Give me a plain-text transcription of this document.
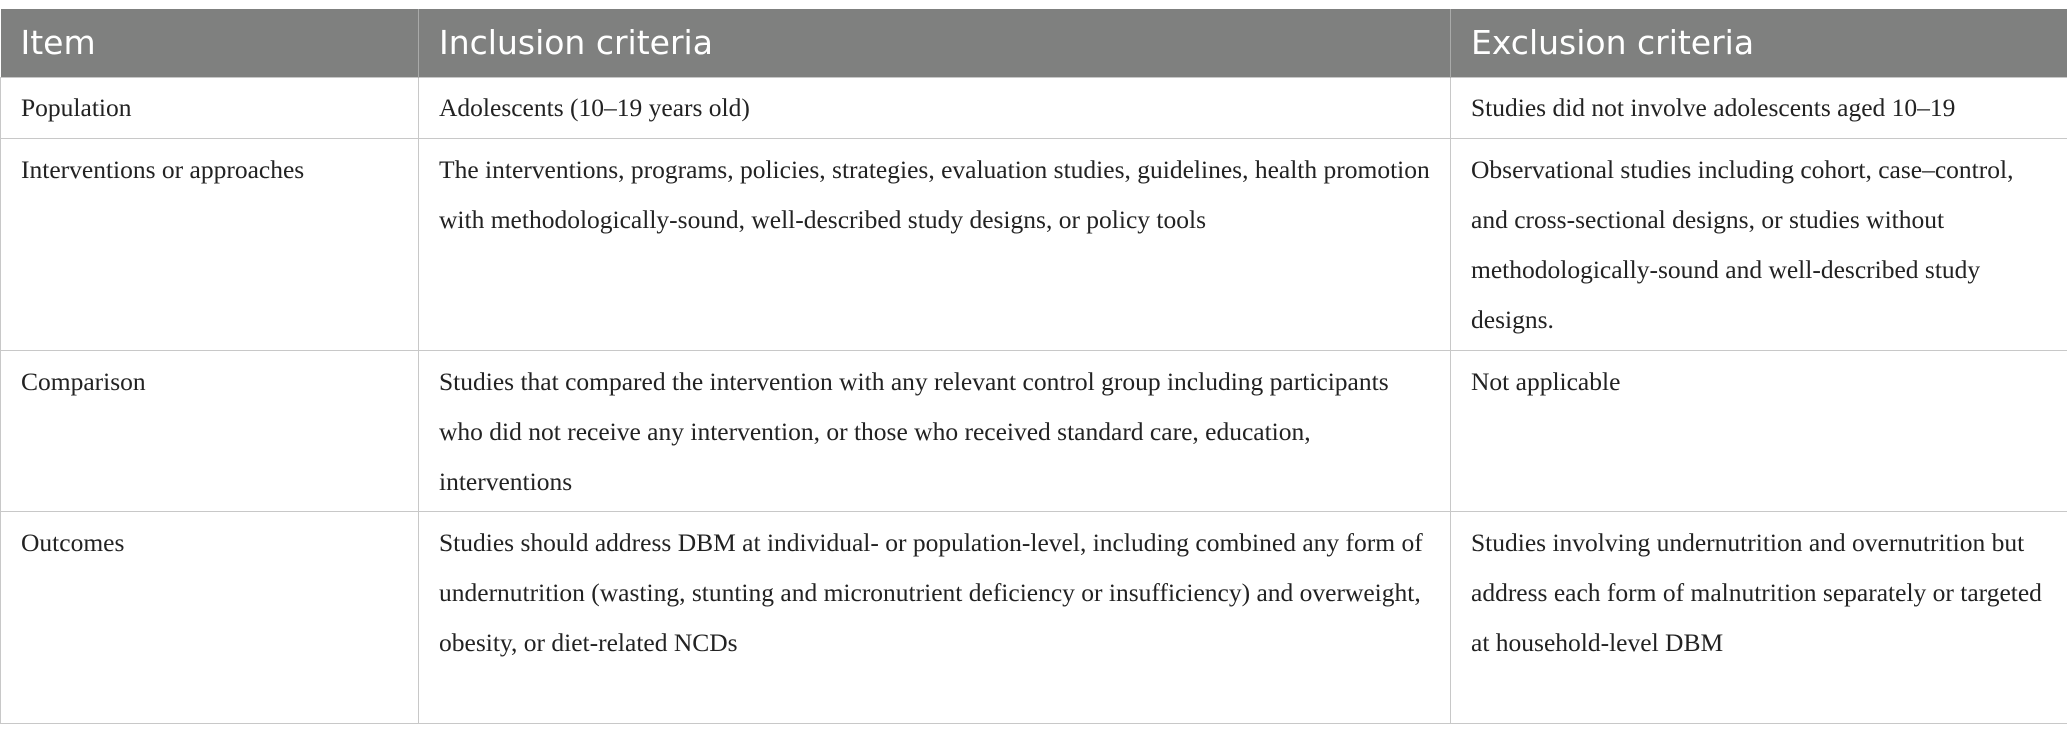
Item	Inclusion criteria	Exclusion criteria
Population	Adolescents (10–19 years old)	Studies did not involve adolescents aged 10–19
Interventions or approaches	The interventions, programs, policies, strategies, evaluation studies, guidelines, health promotion with methodologically-sound, well-described study designs, or policy tools	Observational studies including cohort, case–control, and cross-sectional designs, or studies without methodologically-sound and well-described study designs.
Comparison	Studies that compared the intervention with any relevant control group including participants who did not receive any intervention, or those who received standard care, education, interventions	Not applicable
Outcomes	Studies should address DBM at individual- or population-level, including combined any form of undernutrition (wasting, stunting and micronutrient deficiency or insufficiency) and overweight, obesity, or diet-related NCDs	Studies involving undernutrition and overnutrition but address each form of malnutrition separately or targeted at household-level DBM
